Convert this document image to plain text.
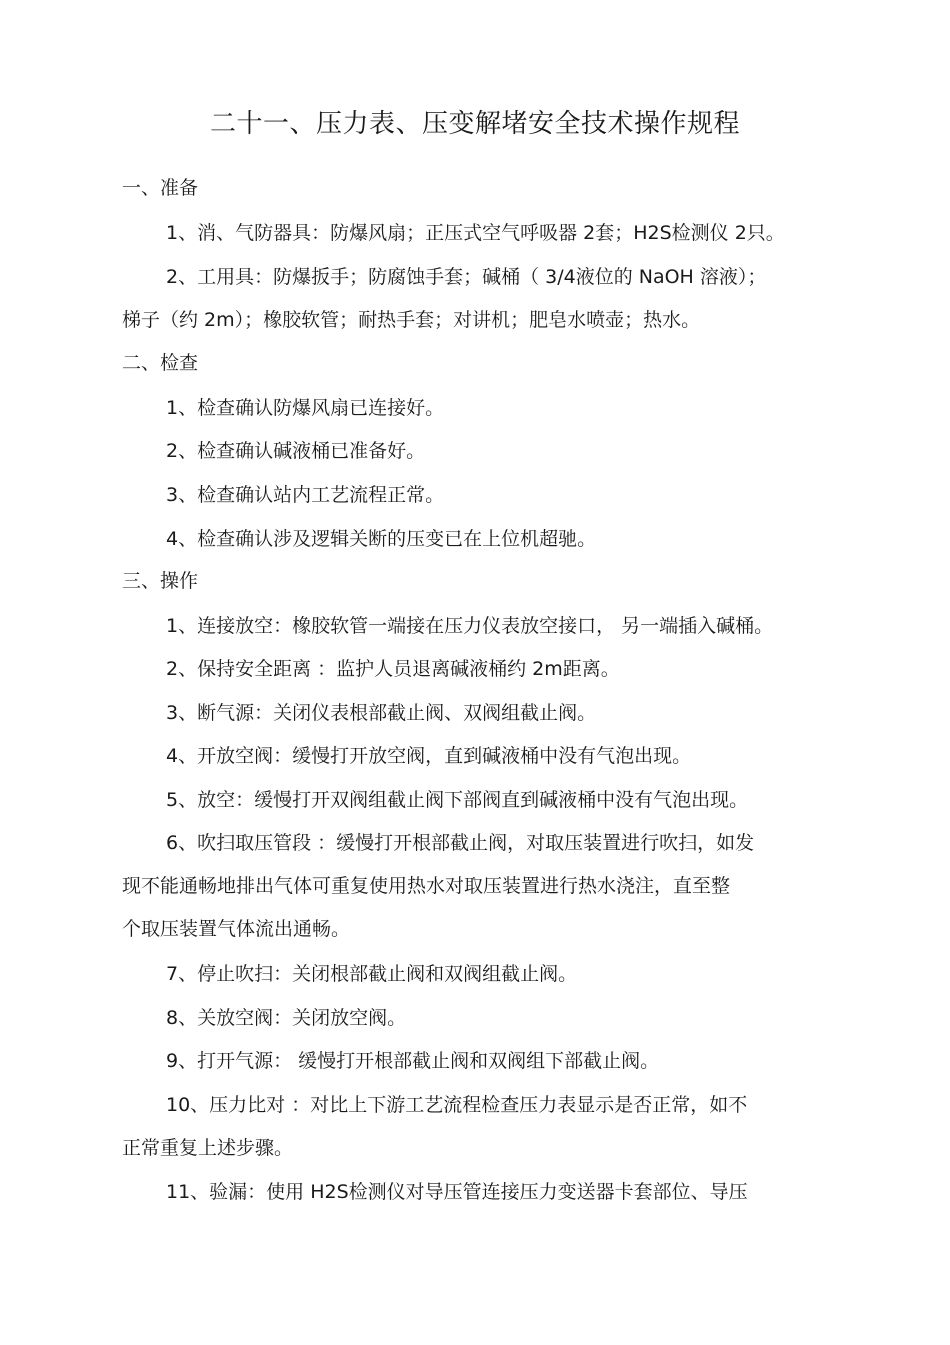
二十一、压力表、压变解堵安全技术操作规程
一、准备
1、消、气防器具：防爆风扇；正压式空气呼吸器 2套；H2S检测仪 2只。
2、工用具：防爆扳手；防腐蚀手套；碱桶（ 3/4液位的 NaOH 溶液）；
梯子（约 2m）；橡胶软管；耐热手套；对讲机；肥皂水喷壶；热水。
二、检查
1、检查确认防爆风扇已连接好。
2、检查确认碱液桶已准备好。
3、检查确认站内工艺流程正常。
4、检查确认涉及逻辑关断的压变已在上位机超驰。
三、操作
1、连接放空：橡胶软管一端接在压力仪表放空接口， 另一端插入碱桶。
2、保持安全距离 ：监护人员退离碱液桶约 2m距离。
3、断气源：关闭仪表根部截止阀、双阀组截止阀。
4、开放空阀：缓慢打开放空阀，直到碱液桶中没有气泡出现。
5、放空：缓慢打开双阀组截止阀下部阀直到碱液桶中没有气泡出现。
6、吹扫取压管段 ：缓慢打开根部截止阀，对取压装置进行吹扫，如发
现不能通畅地排出气体可重复使用热水对取压装置进行热水浇注，直至整
个取压装置气体流出通畅。
7、停止吹扫：关闭根部截止阀和双阀组截止阀。
8、关放空阀：关闭放空阀。
9、打开气源： 缓慢打开根部截止阀和双阀组下部截止阀。
10、压力比对 ：对比上下游工艺流程检查压力表显示是否正常，如不
正常重复上述步骤。
11、验漏：使用 H2S检测仪对导压管连接压力变送器卡套部位、导压
